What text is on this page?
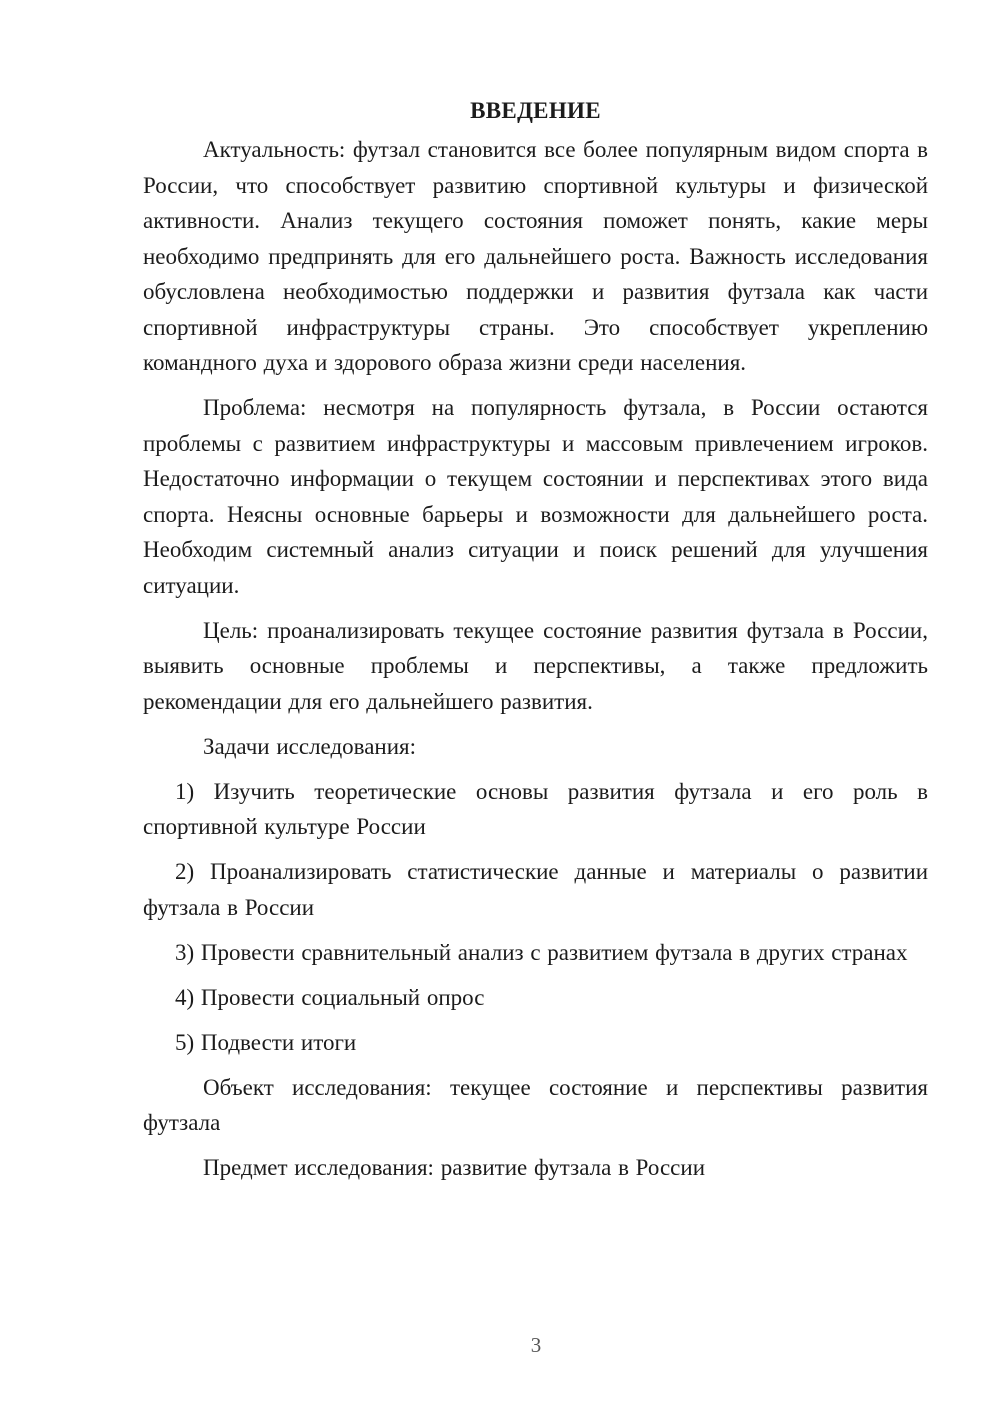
ВВЕДЕНИЕ

Актуальность: футзал становится все более популярным видом спорта в России, что способствует развитию спортивной культуры и физической активности. Анализ текущего состояния поможет понять, какие меры необходимо предпринять для его дальнейшего роста. Важность исследования обусловлена необходимостью поддержки и развития футзала как части спортивной инфраструктуры страны. Это способствует укреплению командного духа и здорового образа жизни среди населения.

Проблема: несмотря на популярность футзала, в России остаются проблемы с развитием инфраструктуры и массовым привлечением игроков. Недостаточно информации о текущем состоянии и перспективах этого вида спорта. Неясны основные барьеры и возможности для дальнейшего роста. Необходим системный анализ ситуации и поиск решений для улучшения ситуации.

Цель: проанализировать текущее состояние развития футзала в России, выявить основные проблемы и перспективы, а также предложить рекомендации для его дальнейшего развития.

Задачи исследования:

1) Изучить теоретические основы развития футзала и его роль в спортивной культуре России

2) Проанализировать статистические данные и материалы о развитии футзала в России

3) Провести сравнительный анализ с развитием футзала в других странах

4) Провести социальный опрос

5) Подвести итоги

Объект исследования: текущее состояние и перспективы развития футзала

Предмет исследования: развитие футзала в России

3
